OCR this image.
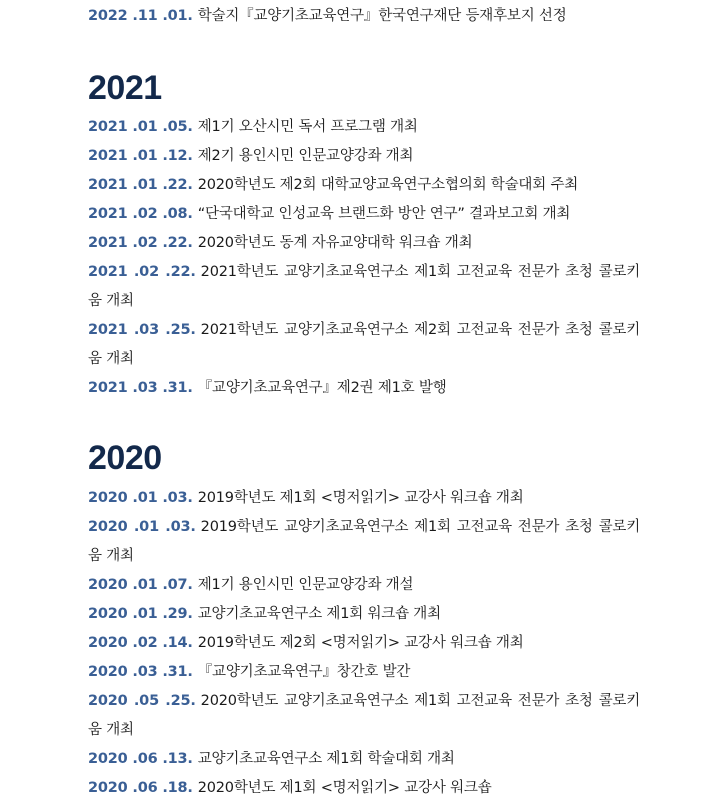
2022 .11 .01. 학술지『교양기초교육연구』한국연구재단 등재후보지 선정
2021
2021 .01 .05. 제1기 오산시민 독서 프로그램 개최
2021 .01 .12. 제2기 용인시민 인문교양강좌 개최
2021 .01 .22. 2020학년도 제2회 대학교양교육연구소협의회 학술대회 주최
2021 .02 .08. “단국대학교 인성교육 브랜드화 방안 연구” 결과보고회 개최
2021 .02 .22. 2020학년도 동계 자유교양대학 워크숍 개최
2021 .02 .22. 2021학년도 교양기초교육연구소 제1회 고전교육 전문가 초청 콜로키움 개최
2021 .03 .25. 2021학년도 교양기초교육연구소 제2회 고전교육 전문가 초청 콜로키움 개최
2021 .03 .31. 『교양기초교육연구』제2권 제1호 발행
2020
2020 .01 .03. 2019학년도 제1회 <명저읽기> 교강사 워크숍 개최
2020 .01 .03. 2019학년도 교양기초교육연구소 제1회 고전교육 전문가 초청 콜로키움 개최
2020 .01 .07. 제1기 용인시민 인문교양강좌 개설
2020 .01 .29. 교양기초교육연구소 제1회 워크숍 개최
2020 .02 .14. 2019학년도 제2회 <명저읽기> 교강사 워크숍 개최
2020 .03 .31. 『교양기초교육연구』창간호 발간
2020 .05 .25. 2020학년도 교양기초교육연구소 제1회 고전교육 전문가 초청 콜로키움 개최
2020 .06 .13. 교양기초교육연구소 제1회 학술대회 개최
2020 .06 .18. 2020학년도 제1회 <명저읽기> 교강사 워크숍
